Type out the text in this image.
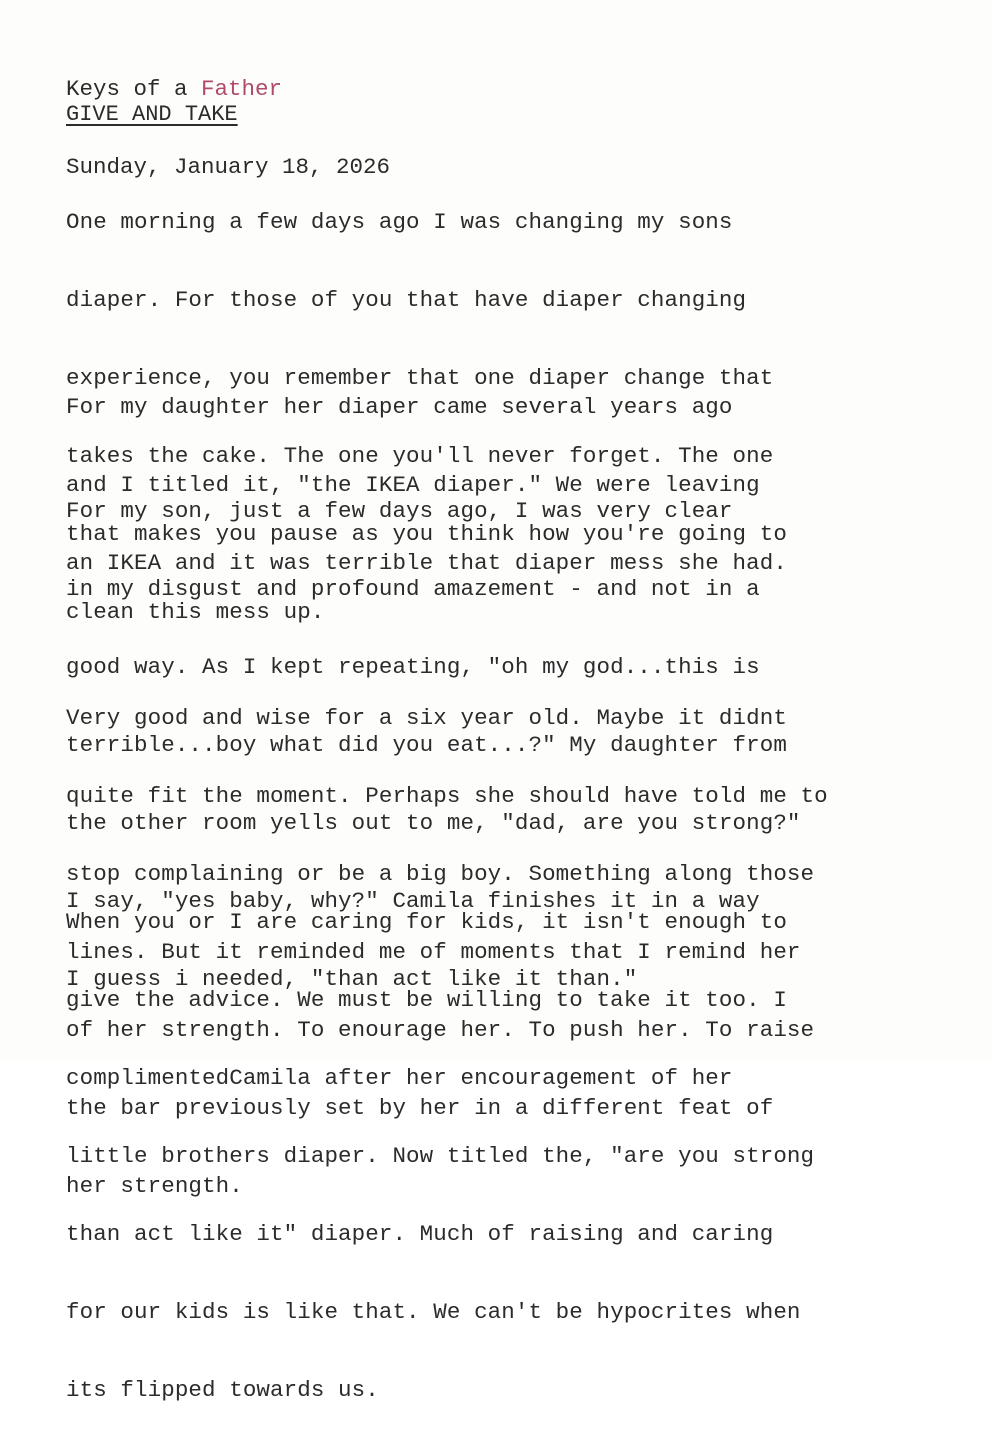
Keys of a Father

Sunday, January 18, 2026

GIVE AND TAKE

One morning a few days ago I was changing my sons

diaper. For those of you that have diaper changing

experience, you remember that one diaper change that

takes the cake. The one you'll never forget. The one

that makes you pause as you think how you're going to

clean this mess up.

For my daughter her diaper came several years ago

and I titled it, "the IKEA diaper." We were leaving

an IKEA and it was terrible that diaper mess she had.

For my son, just a few days ago, I was very clear

in my disgust and profound amazement - and not in a

good way. As I kept repeating, "oh my god...this is

terrible...boy what did you eat...?" My daughter from

the other room yells out to me, "dad, are you strong?"

I say, "yes baby, why?" Camila finishes it in a way

I guess i needed, "than act like it than."

Very good and wise for a six year old. Maybe it didnt

quite fit the moment. Perhaps she should have told me to

stop complaining or be a big boy. Something along those

lines. But it reminded me of moments that I remind her

of her strength. To enourage her. To push her. To raise

the bar previously set by her in a different feat of

her strength.

When you or I are caring for kids, it isn't enough to

give the advice. We must be willing to take it too. I

complimentedCamila after her encouragement of her

little brothers diaper. Now titled the, "are you strong

than act like it" diaper. Much of raising and caring

for our kids is like that. We can't be hypocrites when

its flipped towards us.
